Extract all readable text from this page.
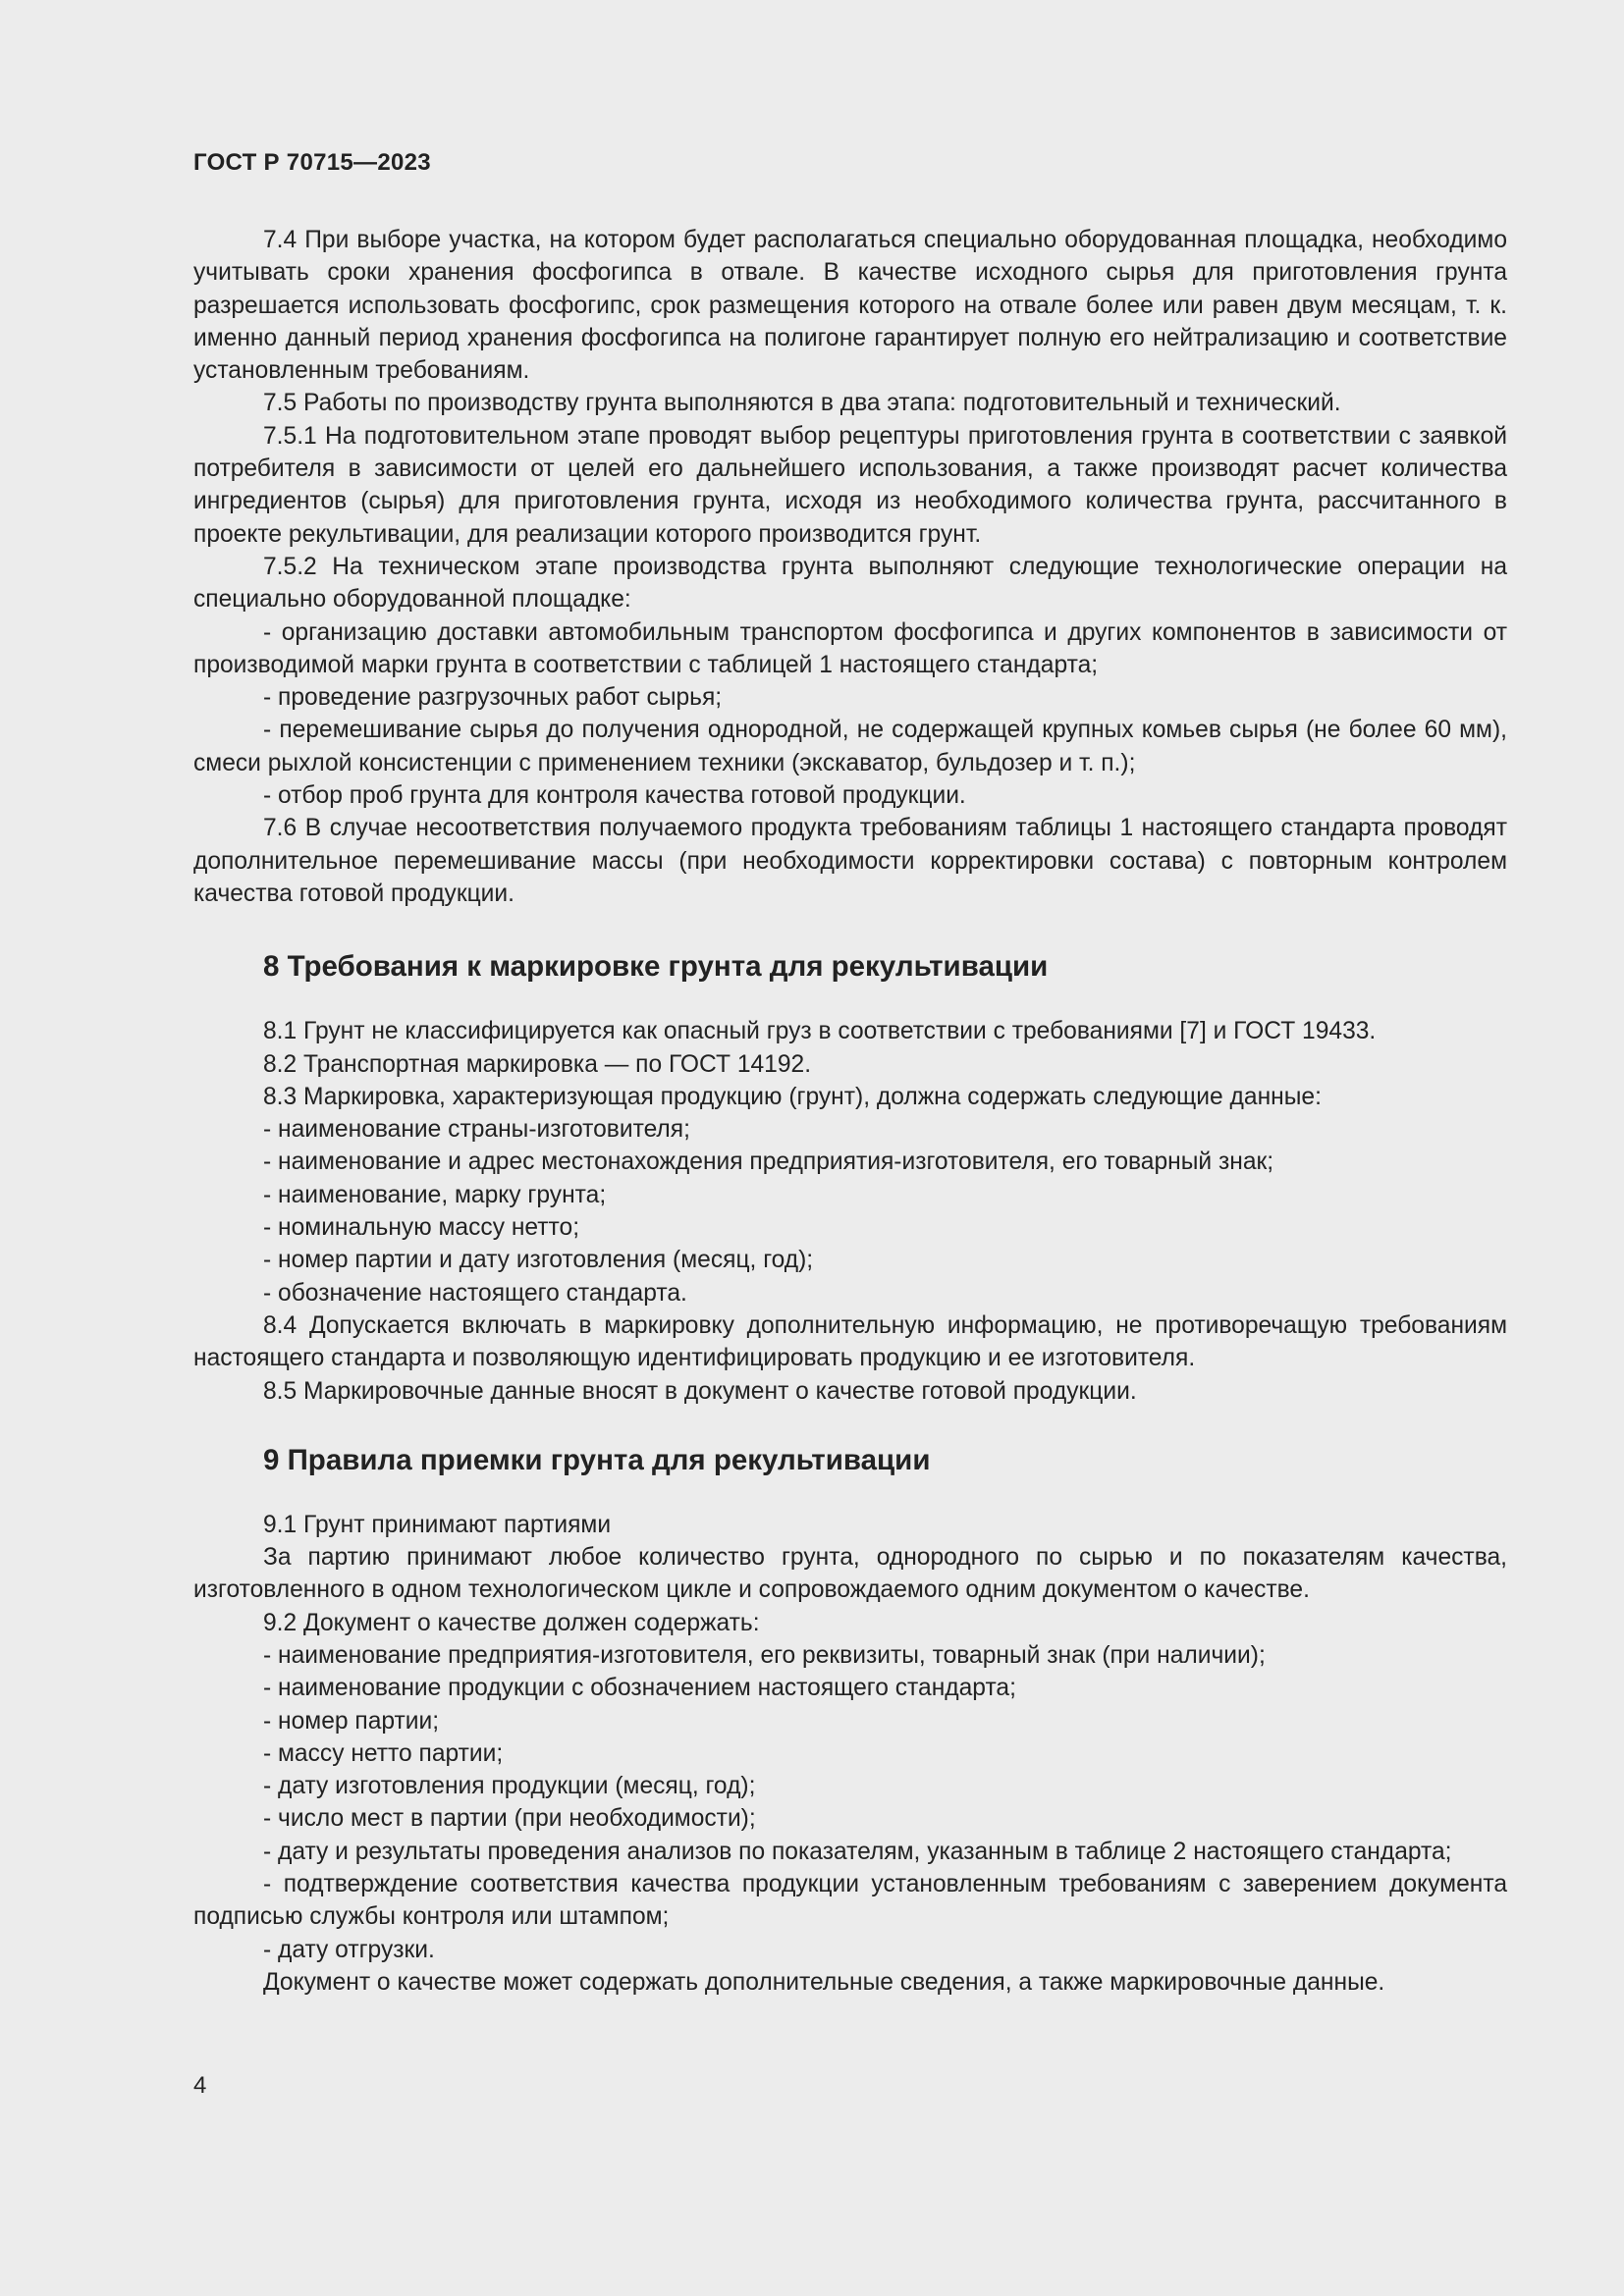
ГОСТ Р 70715—2023

7.4 При выборе участка, на котором будет располагаться специально оборудованная площадка, необходимо учитывать сроки хранения фосфогипса в отвале. В качестве исходного сырья для приготовления грунта разрешается использовать фосфогипс, срок размещения которого на отвале более или равен двум месяцам, т. к. именно данный период хранения фосфогипса на полигоне гарантирует полную его нейтрализацию и соответствие установленным требованиям.

7.5 Работы по производству грунта выполняются в два этапа: подготовительный и технический.

7.5.1 На подготовительном этапе проводят выбор рецептуры приготовления грунта в соответствии с заявкой потребителя в зависимости от целей его дальнейшего использования, а также производят расчет количества ингредиентов (сырья) для приготовления грунта, исходя из необходимого количества грунта, рассчитанного в проекте рекультивации, для реализации которого производится грунт.

7.5.2 На техническом этапе производства грунта выполняют следующие технологические операции на специально оборудованной площадке:

- организацию доставки автомобильным транспортом фосфогипса и других компонентов в зависимости от производимой марки грунта в соответствии с таблицей 1 настоящего стандарта;

- проведение разгрузочных работ сырья;

- перемешивание сырья до получения однородной, не содержащей крупных комьев сырья (не более 60 мм), смеси рыхлой консистенции с применением техники (экскаватор, бульдозер и т. п.);

- отбор проб грунта для контроля качества готовой продукции.

7.6 В случае несоответствия получаемого продукта требованиям таблицы 1 настоящего стандарта проводят дополнительное перемешивание массы (при необходимости корректировки состава) с повторным контролем качества готовой продукции.

8 Требования к маркировке грунта для рекультивации

8.1 Грунт не классифицируется как опасный груз в соответствии с требованиями [7] и ГОСТ 19433.

8.2 Транспортная маркировка — по ГОСТ 14192.

8.3 Маркировка, характеризующая продукцию (грунт), должна содержать следующие данные:

- наименование страны-изготовителя;

- наименование и адрес местонахождения предприятия-изготовителя, его товарный знак;

- наименование, марку грунта;

- номинальную массу нетто;

- номер партии и дату изготовления (месяц, год);

- обозначение настоящего стандарта.

8.4 Допускается включать в маркировку дополнительную информацию, не противоречащую требованиям настоящего стандарта и позволяющую идентифицировать продукцию и ее изготовителя.

8.5 Маркировочные данные вносят в документ о качестве готовой продукции.

9 Правила приемки грунта для рекультивации

9.1 Грунт принимают партиями

За партию принимают любое количество грунта, однородного по сырью и по показателям качества, изготовленного в одном технологическом цикле и сопровождаемого одним документом о качестве.

9.2 Документ о качестве должен содержать:

- наименование предприятия-изготовителя, его реквизиты, товарный знак (при наличии);

- наименование продукции с обозначением настоящего стандарта;

- номер партии;

- массу нетто партии;

- дату изготовления продукции (месяц, год);

- число мест в партии (при необходимости);

- дату и результаты проведения анализов по показателям, указанным в таблице 2 настоящего стандарта;

- подтверждение соответствия качества продукции установленным требованиям с заверением документа подписью службы контроля или штампом;

- дату отгрузки.

Документ о качестве может содержать дополнительные сведения, а также маркировочные данные.

4
